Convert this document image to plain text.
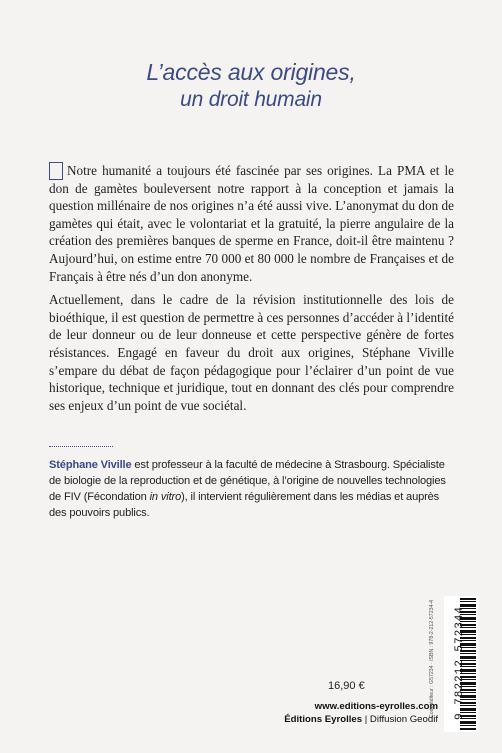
L’accès aux origines,
un droit humain

Notre humanité a toujours été fascinée par ses origines. La PMA et le don de gamètes bouleversent notre rapport à la conception et jamais la question millénaire de nos origines n’a été aussi vive. L’anonymat du don de gamètes qui était, avec le volontariat et la gratuité, la pierre angulaire de la création des premières banques de sperme en France, doit-il être maintenu ? Aujourd’hui, on estime entre 70 000 et 80 000 le nombre de Françaises et de Français à être nés d’un don anonyme.

Actuellement, dans le cadre de la révision institutionnelle des lois de bioéthique, il est question de permettre à ces personnes d’accéder à l’identité de leur donneur ou de leur donneuse et cette perspective génère de fortes résistances. Engagé en faveur du droit aux origines, Stéphane Viville s’empare du débat de façon pédagogique pour l’éclairer d’un point de vue historique, technique et juridique, tout en donnant des clés pour comprendre ses enjeux d’un point de vue sociétal.

Stéphane Viville est professeur à la faculté de médecine à Strasbourg. Spécialiste de biologie de la reproduction et de génétique, à l’origine de nouvelles technologies de FIV (Fécondation in vitro), il intervient régulièrement dans les médias et auprès des pouvoirs publics.
Code éditeur : G57234 · ISBN : 978-2-212-57234-4 9 782212 572344
16,90 €
www.editions-eyrolles.com
Éditions Eyrolles | Diffusion Geodif
